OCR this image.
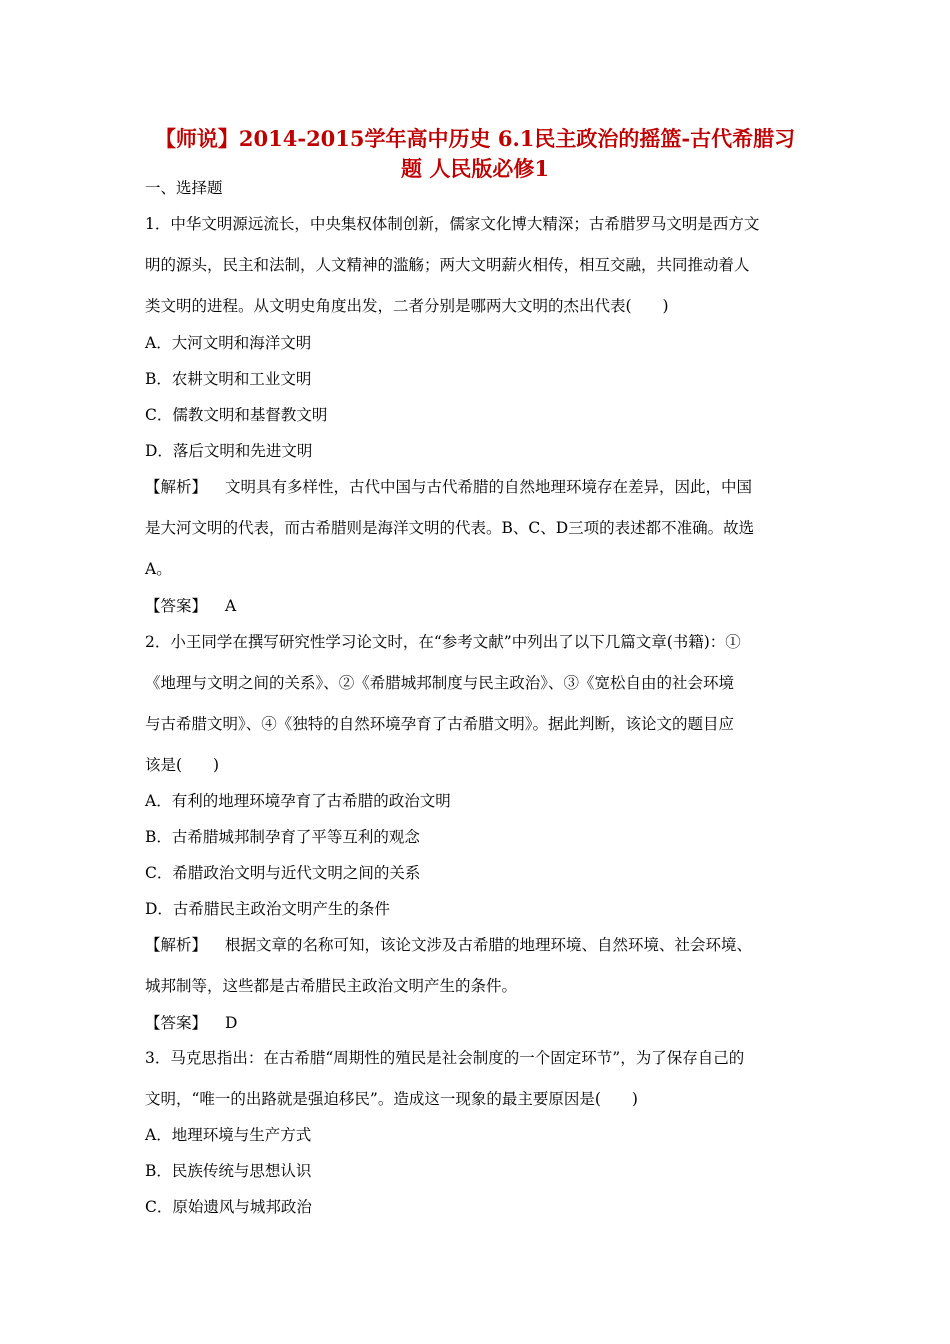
【师说】2014-2015学年高中历史 6.1民主政治的摇篮-古代希腊习
题 人民版必修1
一、选择题
1．中华文明源远流长，中央集权体制创新，儒家文化博大精深；古希腊罗马文明是西方文
明的源头，民主和法制，人文精神的滥觞；两大文明薪火相传，相互交融，共同推动着人
类文明的进程。从文明史角度出发，二者分别是哪两大文明的杰出代表(　　)
A．大河文明和海洋文明
B．农耕文明和工业文明
C．儒教文明和基督教文明
D．落后文明和先进文明
【解析】 文明具有多样性，古代中国与古代希腊的自然地理环境存在差异，因此，中国
是大河文明的代表，而古希腊则是海洋文明的代表。B、C、D三项的表述都不准确。故选
A。
【答案】 A
2．小王同学在撰写研究性学习论文时，在“参考文献”中列出了以下几篇文章(书籍)：①
《地理与文明之间的关系》、②《希腊城邦制度与民主政治》、③《宽松自由的社会环境
与古希腊文明》、④《独特的自然环境孕育了古希腊文明》。据此判断，该论文的题目应
该是(　　)
A．有利的地理环境孕育了古希腊的政治文明
B．古希腊城邦制孕育了平等互利的观念
C．希腊政治文明与近代文明之间的关系
D．古希腊民主政治文明产生的条件
【解析】 根据文章的名称可知，该论文涉及古希腊的地理环境、自然环境、社会环境、
城邦制等，这些都是古希腊民主政治文明产生的条件。
【答案】 D
3．马克思指出：在古希腊“周期性的殖民是社会制度的一个固定环节”，为了保存自己的
文明，“唯一的出路就是强迫移民”。造成这一现象的最主要原因是(　　)
A．地理环境与生产方式
B．民族传统与思想认识
C．原始遗风与城邦政治
